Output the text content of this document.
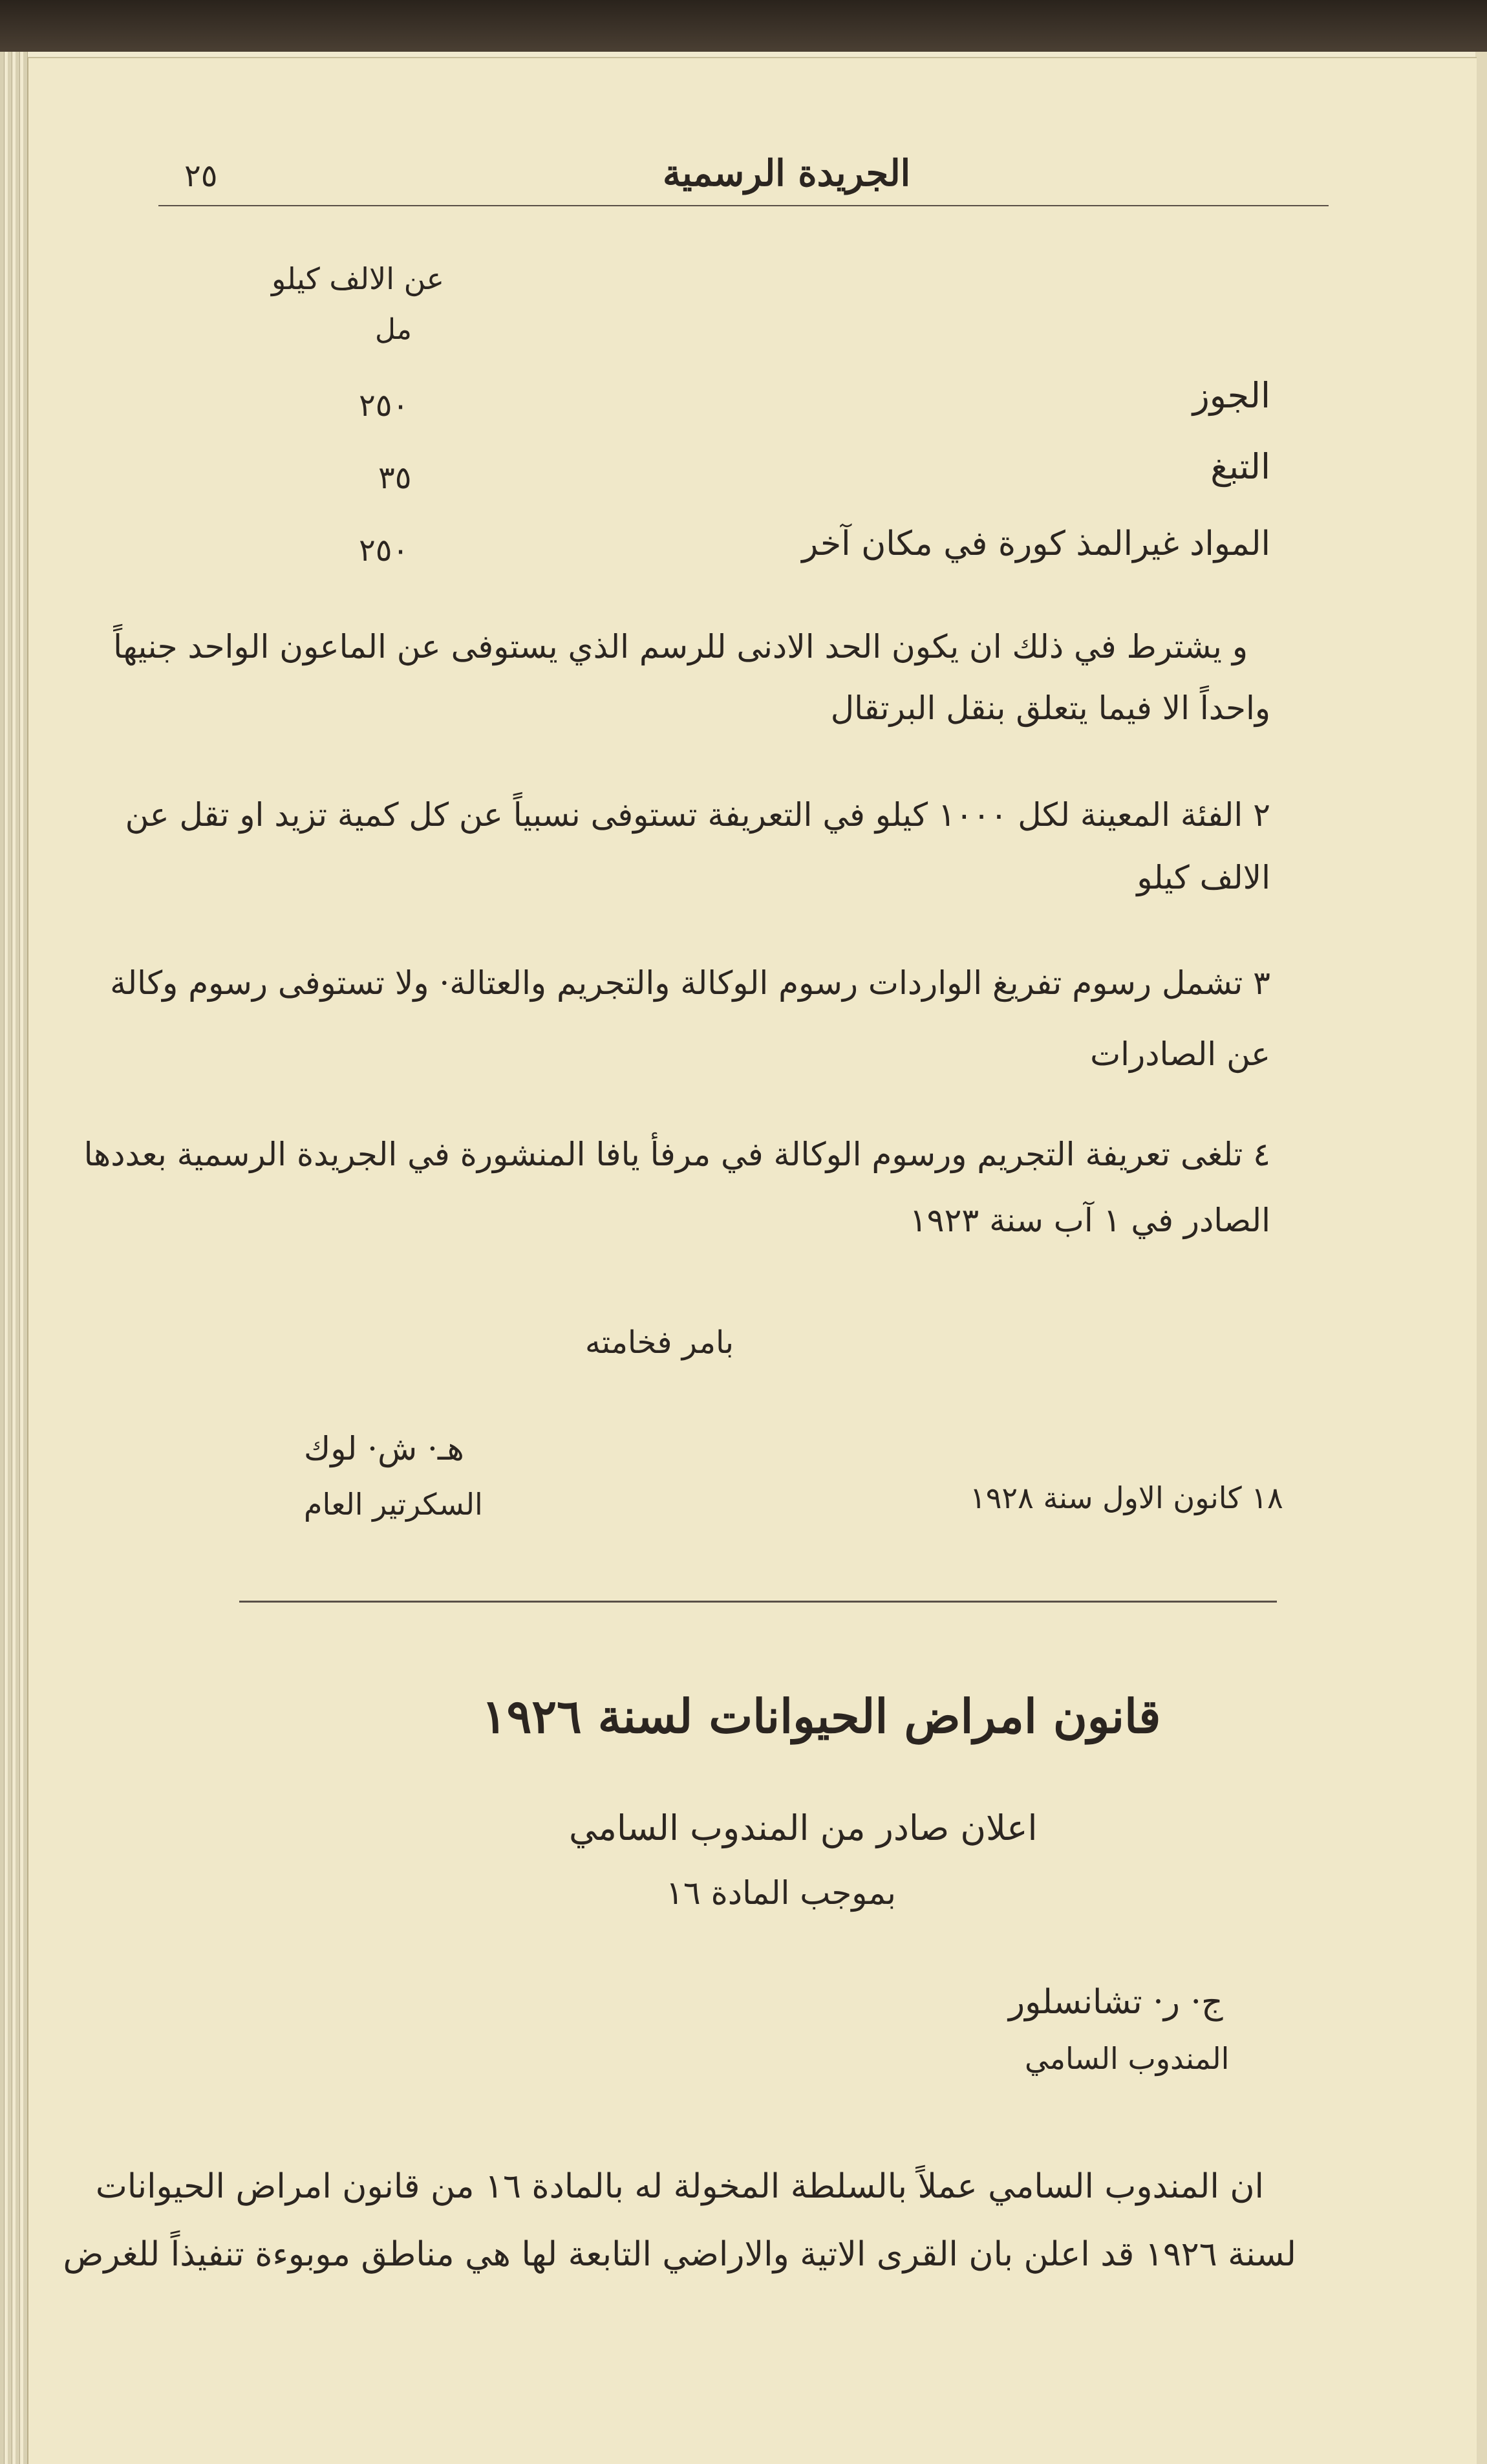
٢٥	الجريدة الرسمية
عن الالف كيلو
مل
الجوز
٢٥٠
التبغ
٣٥
المواد غيرالمذ كورة في مكان آخر
٢٥٠
و يشترط في ذلك ان يكون الحد الادنى للرسم الذي يستوفى عن الماعون الواحد جنيهاً
واحداً الا فيما يتعلق بنقل البرتقال
٢ الفئة المعينة لكل ١٠٠٠ كيلو في التعريفة تستوفى نسبياً عن كل كمية تزيد او تقل عن
الالف كيلو
٣ تشمل رسوم تفريغ الواردات رسوم الوكالة والتجريم والعتالة· ولا تستوفى رسوم وكالة
عن الصادرات
٤ تلغى تعريفة التجريم ورسوم الوكالة في مرفأ يافا المنشورة في الجريدة الرسمية بعددها
الصادر في ١ آب سنة ١٩٢٣
بامر فخامته
هـ· ش· لوك
السكرتير العام	١٨ كانون الاول سنة ١٩٢٨
قانون امراض الحيوانات لسنة ١٩٢٦
اعلان صادر من المندوب السامي
بموجب المادة ١٦
ج· ر· تشانسلور
المندوب السامي
ان المندوب السامي عملاً بالسلطة المخولة له بالمادة ١٦ من قانون امراض الحيوانات
لسنة ١٩٢٦ قد اعلن بان القرى الاتية والاراضي التابعة لها هي مناطق موبوءة تنفيذاً للغرض
